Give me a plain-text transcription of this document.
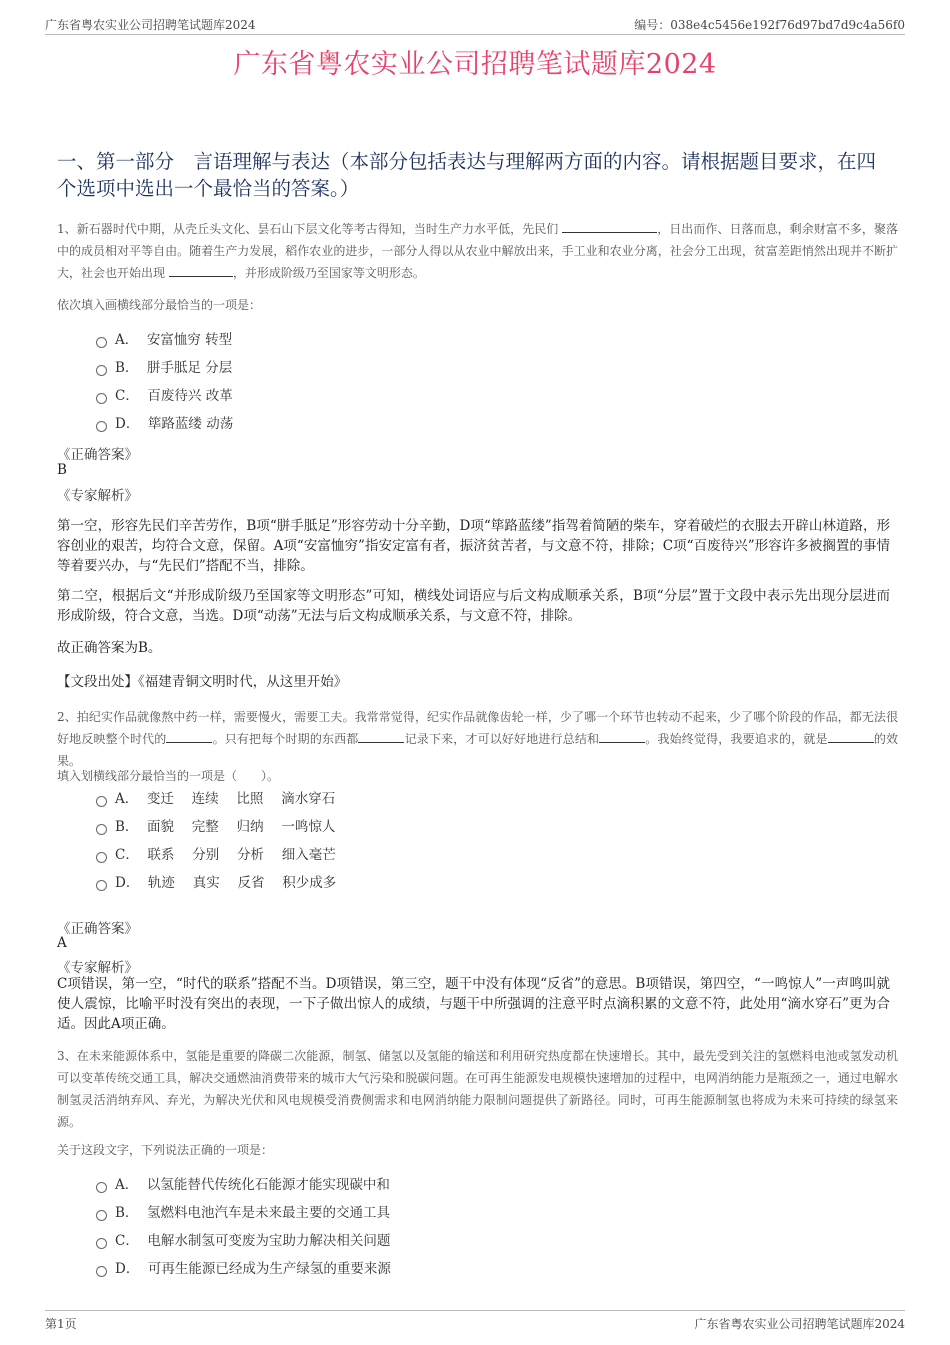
广东省粤农实业公司招聘笔试题库2024	编号：038e4c5456e192f76d97bd7d9c4a56f0
广东省粤农实业公司招聘笔试题库2024
一、第一部分　言语理解与表达（本部分包括表达与理解两方面的内容。请根据题目要求，在四个选项中选出一个最恰当的答案。）
1、新石器时代中期，从壳丘头文化、昙石山下层文化等考古得知，当时生产力水平低，先民们	，日出而作、日落而息，剩余财富不多，聚落中的成员相对平等自由。随着生产力发展，稻作农业的进步，一部分人得以从农业中解放出来，手工业和农业分离，社会分工出现，贫富差距悄然出现并不断扩大，社会也开始出现	，并形成阶级乃至国家等文明形态。
依次填入画横线部分最恰当的一项是：
A．  安富恤穷 转型
B．  胼手胝足 分层
C．  百废待兴 改革
D．  筚路蓝缕 动荡
《正确答案》
B
《专家解析》
第一空，形容先民们辛苦劳作，B项“胼手胝足”形容劳动十分辛勤，D项“筚路蓝缕”指驾着简陋的柴车，穿着破烂的衣服去开辟山林道路，形容创业的艰苦，均符合文意，保留。A项“安富恤穷”指安定富有者，振济贫苦者，与文意不符，排除；C项“百废待兴”形容许多被搁置的事情等着要兴办，与“先民们”搭配不当，排除。
第二空，根据后文“并形成阶级乃至国家等文明形态”可知，横线处词语应与后文构成顺承关系，B项“分层”置于文段中表示先出现分层进而形成阶级，符合文意，当选。D项“动荡”无法与后文构成顺承关系，与文意不符，排除。
故正确答案为B。
【文段出处】《福建青铜文明时代，从这里开始》
2、拍纪实作品就像熬中药一样，需要慢火，需要工夫。我常常觉得，纪实作品就像齿轮一样，少了哪一个环节也转动不起来，少了哪个阶段的作品，都无法很好地反映整个时代的	。只有把每个时期的东西都	记录下来，才可以好好地进行总结和	。我始终觉得，我要追求的，就是	的效果。
填入划横线部分最恰当的一项是（　　）。
A．  变迁　 连续　 比照　 滴水穿石
B．  面貌　 完整　 归纳　 一鸣惊人
C．  联系　 分别　 分析　 细入毫芒
D．  轨迹　 真实　 反省　 积少成多
《正确答案》
A
《专家解析》
C项错误，第一空，“时代的联系”搭配不当。D项错误，第三空，题干中没有体现“反省”的意思。B项错误，第四空，“一鸣惊人”一声鸣叫就使人震惊，比喻平时没有突出的表现，一下子做出惊人的成绩，与题干中所强调的注意平时点滴积累的文意不符，此处用“滴水穿石”更为合适。因此A项正确。
3、在未来能源体系中，氢能是重要的降碳二次能源，制氢、储氢以及氢能的输送和利用研究热度都在快速增长。其中，最先受到关注的氢燃料电池或氢发动机可以变革传统交通工具，解决交通燃油消费带来的城市大气污染和脱碳问题。在可再生能源发电规模快速增加的过程中，电网消纳能力是瓶颈之一，通过电解水制氢灵活消纳弃风、弃光，为解决光伏和风电规模受消费侧需求和电网消纳能力限制问题提供了新路径。同时，可再生能源制氢也将成为未来可持续的绿氢来源。
关于这段文字，下列说法正确的一项是：
A．  以氢能替代传统化石能源才能实现碳中和
B．  氢燃料电池汽车是未来最主要的交通工具
C．  电解水制氢可变废为宝助力解决相关问题
D．  可再生能源已经成为生产绿氢的重要来源
第1页	广东省粤农实业公司招聘笔试题库2024
